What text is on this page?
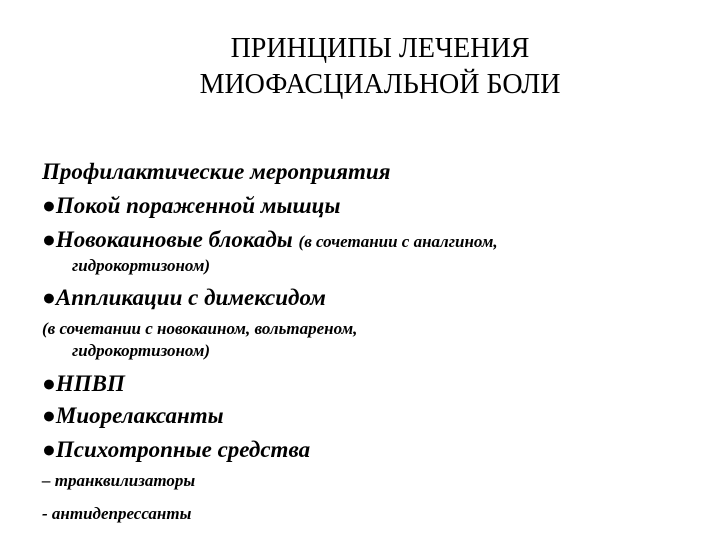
ПРИНЦИПЫ ЛЕЧЕНИЯ
МИОФАСЦИАЛЬНОЙ БОЛИ
Профилактические мероприятия
●Покой пораженной мышцы
●Новокаиновые блокады (в сочетании с аналгином,
гидрокортизоном)
●Аппликации с димексидом
(в сочетании с новокаином, вольтареном,
гидрокортизоном)
●НПВП
●Миорелаксанты
●Психотропные средства
– транквилизаторы
- антидепрессанты
